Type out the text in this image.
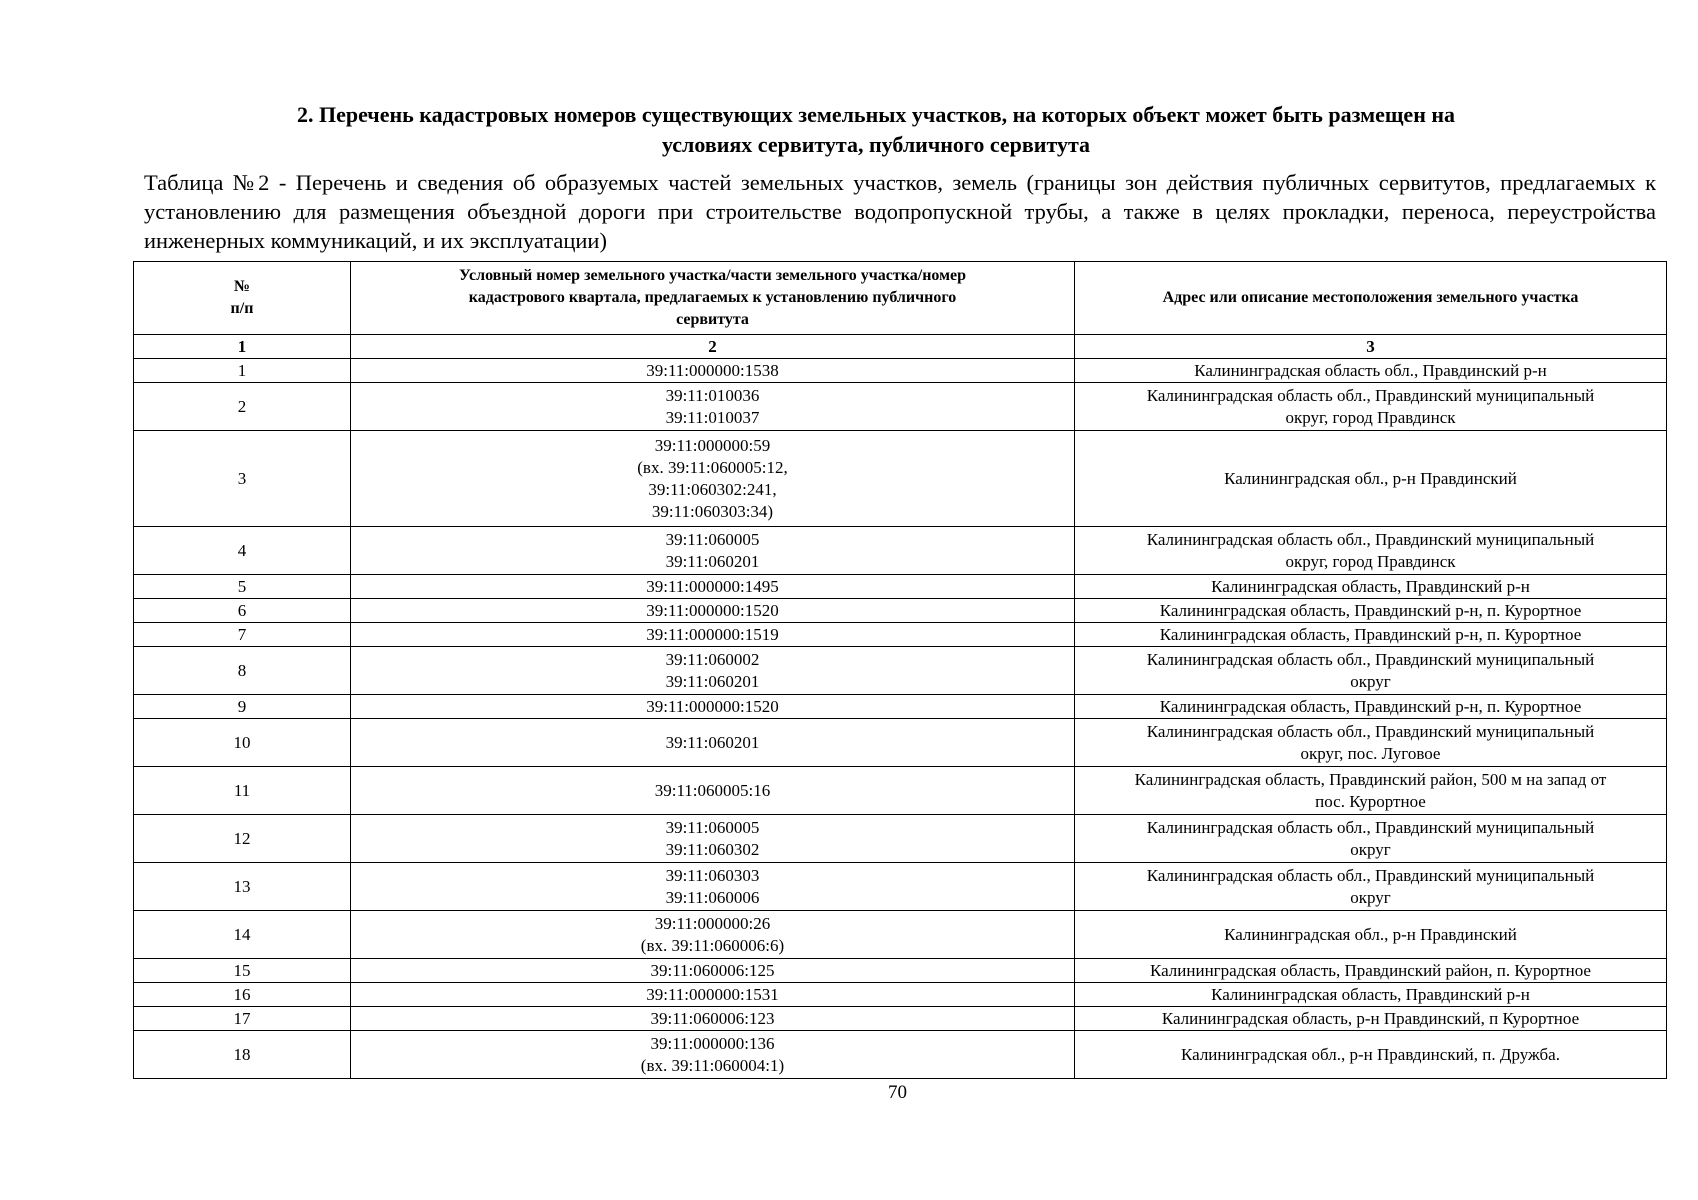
2. Перечень кадастровых номеров существующих земельных участков, на которых объект может быть размещен на
условиях сервитута, публичного сервитута
Таблица №2 - Перечень и сведения об образуемых частей земельных участков, земель (границы зон действия публичных сервитутов, предлагаемых к установлению для размещения объездной дороги при строительстве водопропускной трубы, а также в целях прокладки, переноса, переустройства инженерных коммуникаций, и их эксплуатации)
№
п/п	Условный номер земельного участка/части земельного участка/номер
кадастрового квартала, предлагаемых к установлению публичного
сервитута	Адрес или описание местоположения земельного участка
1	2	3
1	39:11:000000:1538	Калининградская область обл., Правдинский р-н

2	39:11:010036
39:11:010037	Калининградская область обл., Правдинский муниципальный
округ, город Правдинск

3	39:11:000000:59
(вх. 39:11:060005:12,
39:11:060302:241,
39:11:060303:34)	Калининградская обл., р-н Правдинский

4	39:11:060005
39:11:060201	Калининградская область обл., Правдинский муниципальный
округ, город Правдинск

5	39:11:000000:1495	Калининградская область, Правдинский р-н

6	39:11:000000:1520	Калининградская область, Правдинский р-н, п. Курортное

7	39:11:000000:1519	Калининградская область, Правдинский р-н, п. Курортное

8	39:11:060002
39:11:060201	Калининградская область обл., Правдинский муниципальный
округ

9	39:11:000000:1520	Калининградская область, Правдинский р-н, п. Курортное

10	39:11:060201	Калининградская область обл., Правдинский муниципальный
округ, пос. Луговое

11	39:11:060005:16	Калининградская область, Правдинский район, 500 м на запад от
пос. Курортное

12	39:11:060005
39:11:060302	Калининградская область обл., Правдинский муниципальный
округ

13	39:11:060303
39:11:060006	Калининградская область обл., Правдинский муниципальный
округ

14	39:11:000000:26
(вх. 39:11:060006:6)	Калининградская обл., р-н Правдинский

15	39:11:060006:125	Калининградская область, Правдинский район, п. Курортное

16	39:11:000000:1531	Калининградская область, Правдинский р-н

17	39:11:060006:123	Калининградская область, р-н Правдинский, п Курортное

18	39:11:000000:136
(вх. 39:11:060004:1)	Калининградская обл., р-н Правдинский, п. Дружба.
70
